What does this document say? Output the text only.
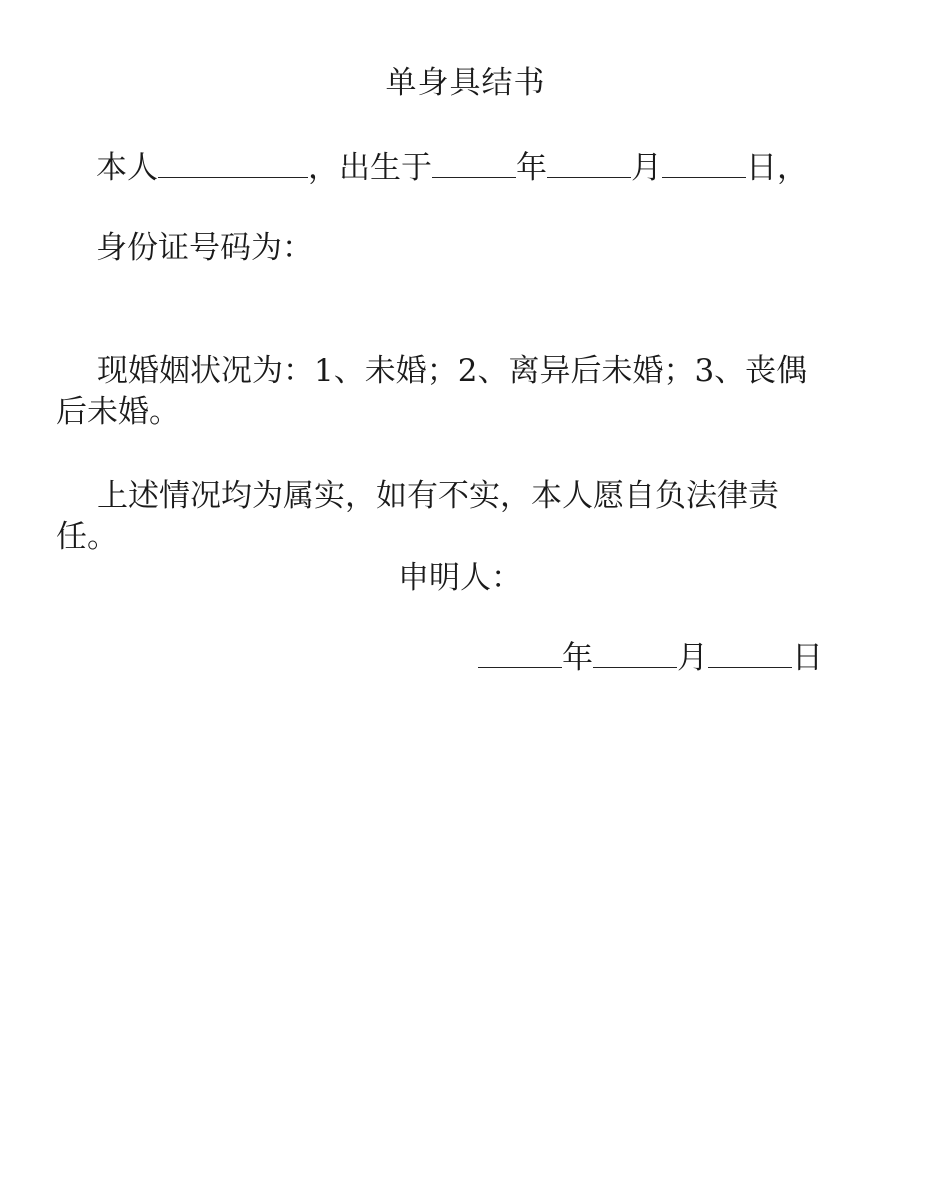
单身具结书
本人	，出生于	年	月	日，
身份证号码为：
现婚姻状况为：1、未婚；2、离异后未婚；3、丧偶后未婚。
上述情况均为属实，如有不实，本人愿自负法律责任。
申明人：
年	月	日
